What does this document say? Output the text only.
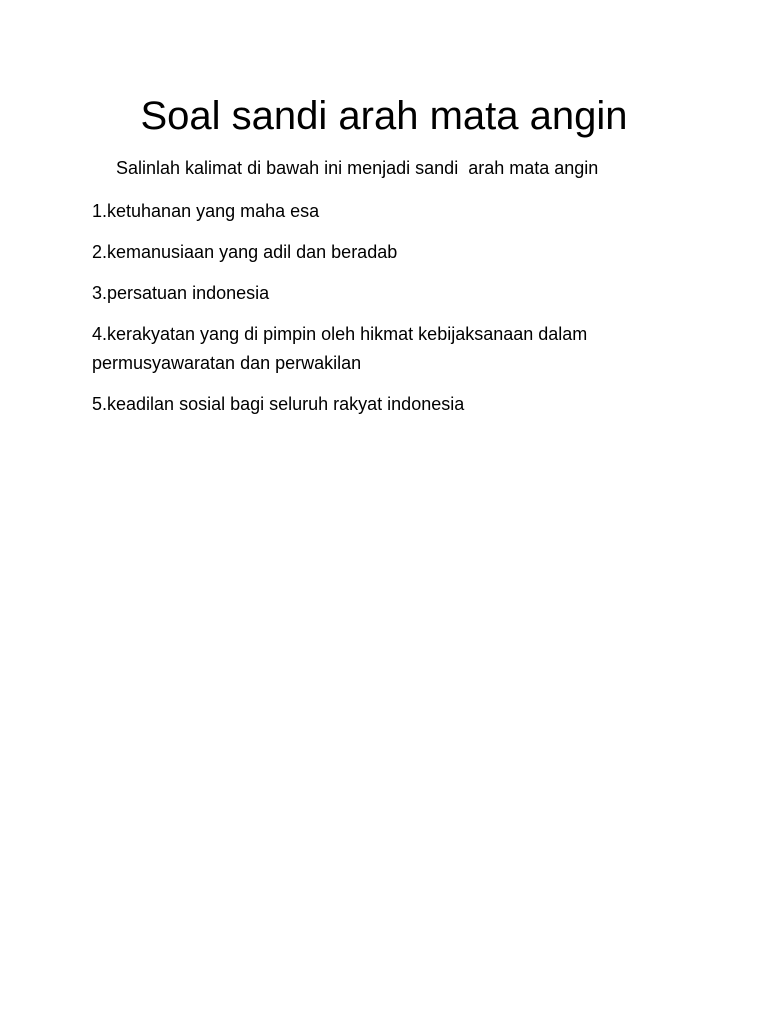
Soal sandi arah mata angin

Salinlah kalimat di bawah ini menjadi sandi  arah mata angin

1.ketuhanan yang maha esa
2.kemanusiaan yang adil dan beradab
3.persatuan indonesia
4.kerakyatan yang di pimpin oleh hikmat kebijaksanaan dalam permusyawaratan dan perwakilan
5.keadilan sosial bagi seluruh rakyat indonesia
